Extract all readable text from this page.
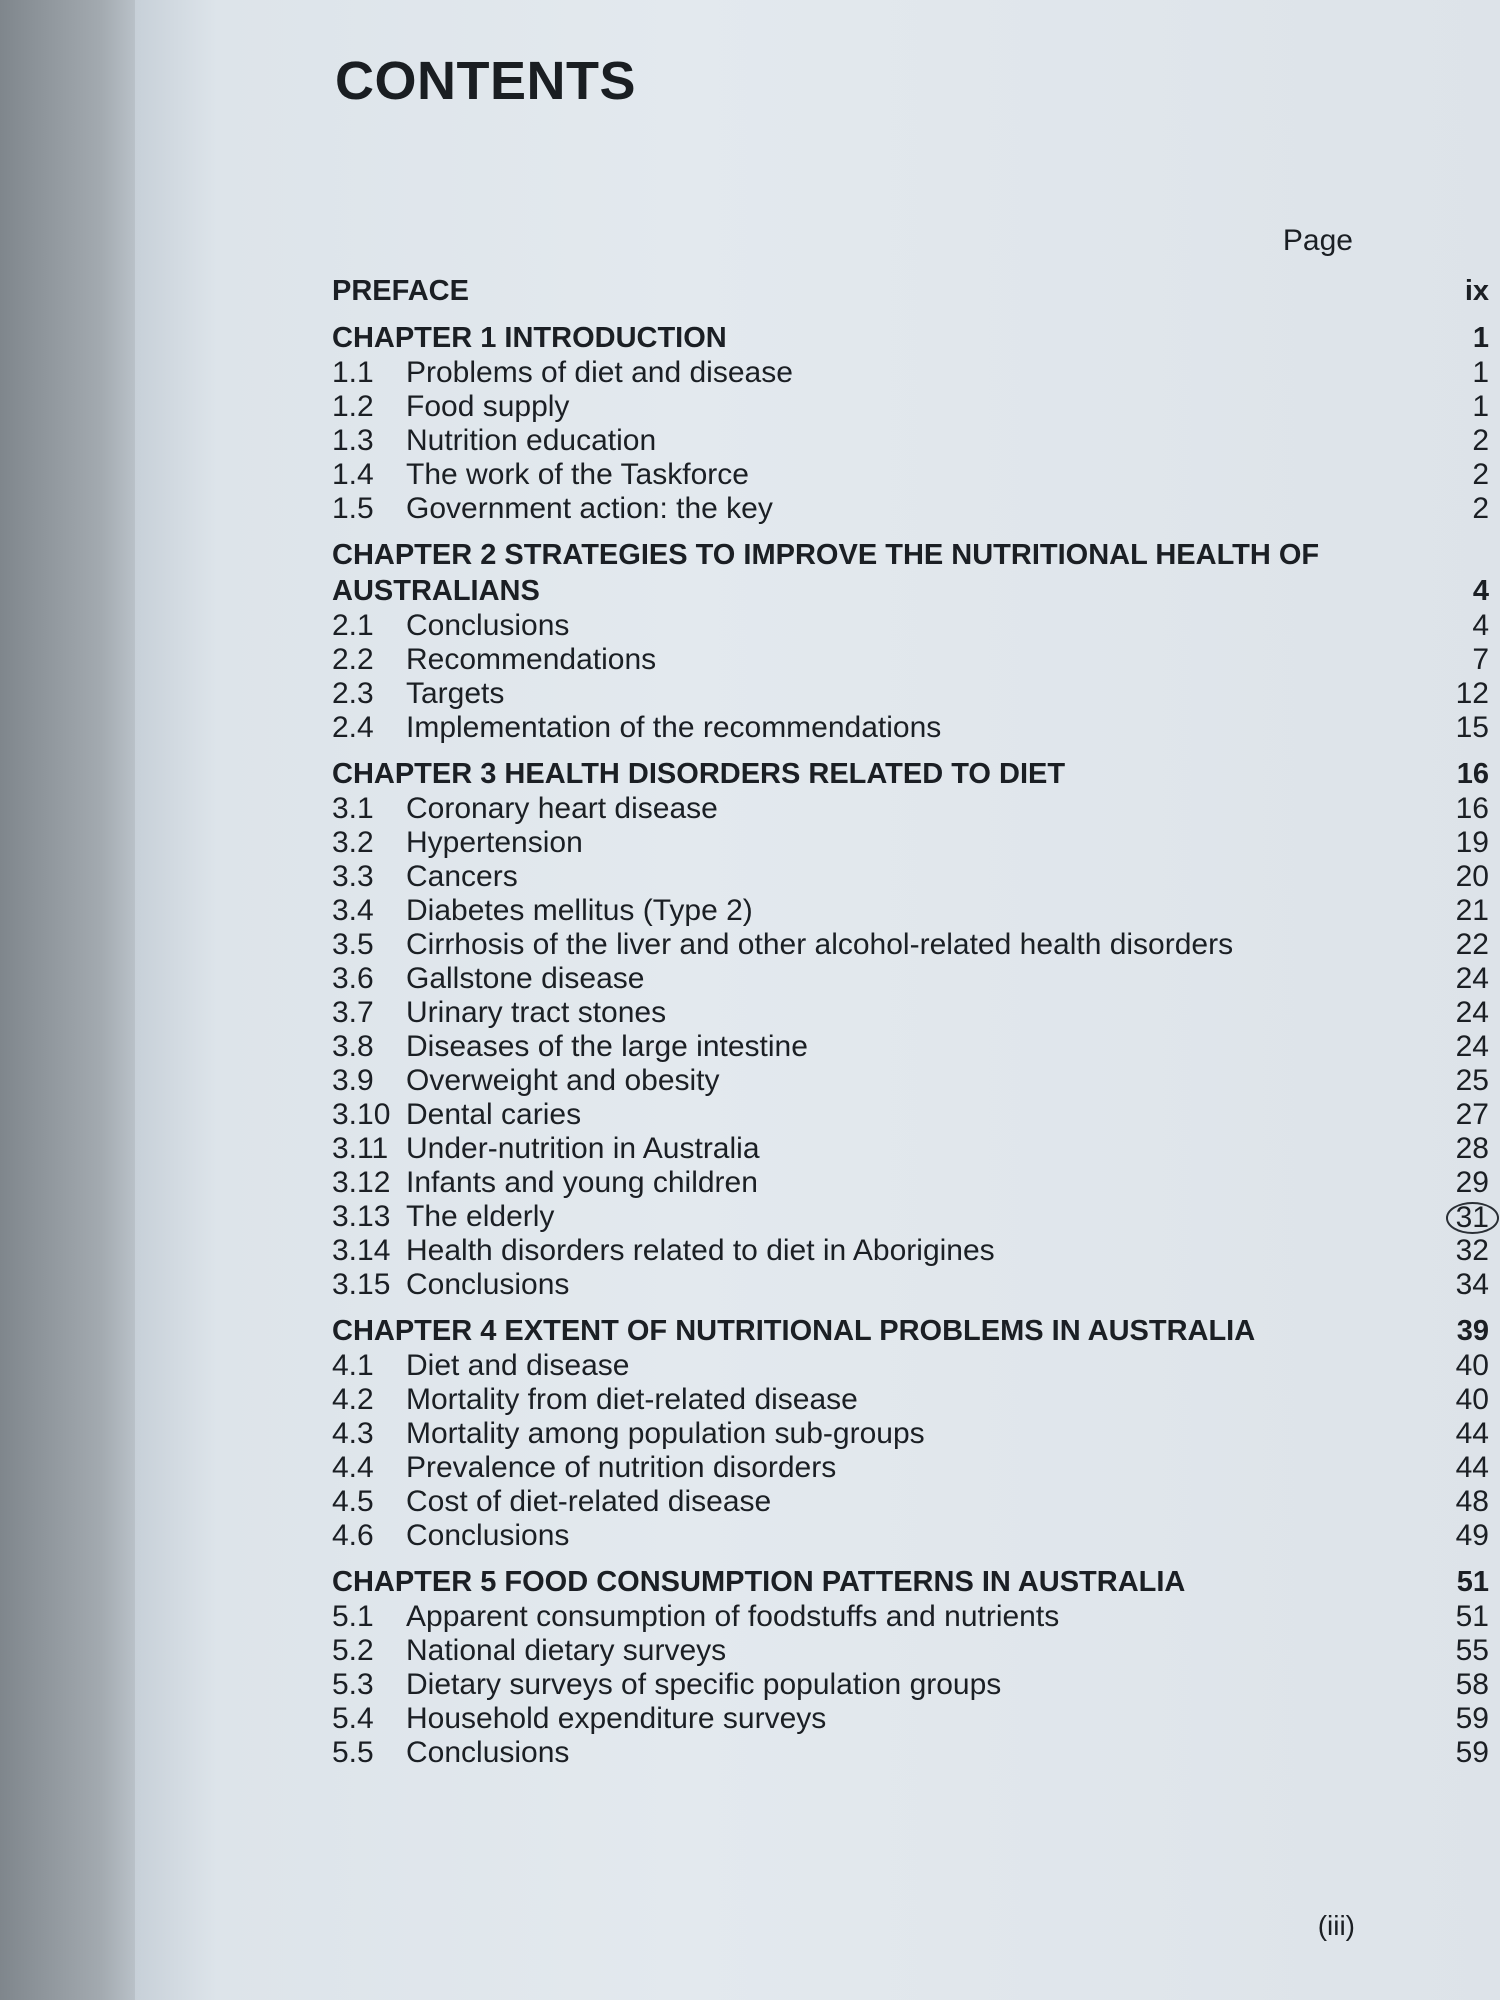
CONTENTS
Page
PREFACE	ix
CHAPTER 1 INTRODUCTION	1
1.1	Problems of diet and disease	1
1.2	Food supply	1
1.3	Nutrition education	2
1.4	The work of the Taskforce	2
1.5	Government action: the key	2
CHAPTER 2 STRATEGIES TO IMPROVE THE NUTRITIONAL HEALTH OF AUSTRALIANS	4
2.1	Conclusions	4
2.2	Recommendations	7
2.3	Targets	12
2.4	Implementation of the recommendations	15
CHAPTER 3 HEALTH DISORDERS RELATED TO DIET	16
3.1	Coronary heart disease	16
3.2	Hypertension	19
3.3	Cancers	20
3.4	Diabetes mellitus (Type 2)	21
3.5	Cirrhosis of the liver and other alcohol-related health disorders	22
3.6	Gallstone disease	24
3.7	Urinary tract stones	24
3.8	Diseases of the large intestine	24
3.9	Overweight and obesity	25
3.10 Dental caries	27
3.11 Under-nutrition in Australia	28
3.12 Infants and young children	29
3.13 The elderly	31
3.14 Health disorders related to diet in Aborigines	32
3.15 Conclusions	34
CHAPTER 4 EXTENT OF NUTRITIONAL PROBLEMS IN AUSTRALIA	39
4.1	Diet and disease	40
4.2	Mortality from diet-related disease	40
4.3	Mortality among population sub-groups	44
4.4	Prevalence of nutrition disorders	44
4.5	Cost of diet-related disease	48
4.6	Conclusions	49
CHAPTER 5 FOOD CONSUMPTION PATTERNS IN AUSTRALIA	51
5.1	Apparent consumption of foodstuffs and nutrients	51
5.2	National dietary surveys	55
5.3	Dietary surveys of specific population groups	58
5.4	Household expenditure surveys	59
5.5	Conclusions	59
(iii)
